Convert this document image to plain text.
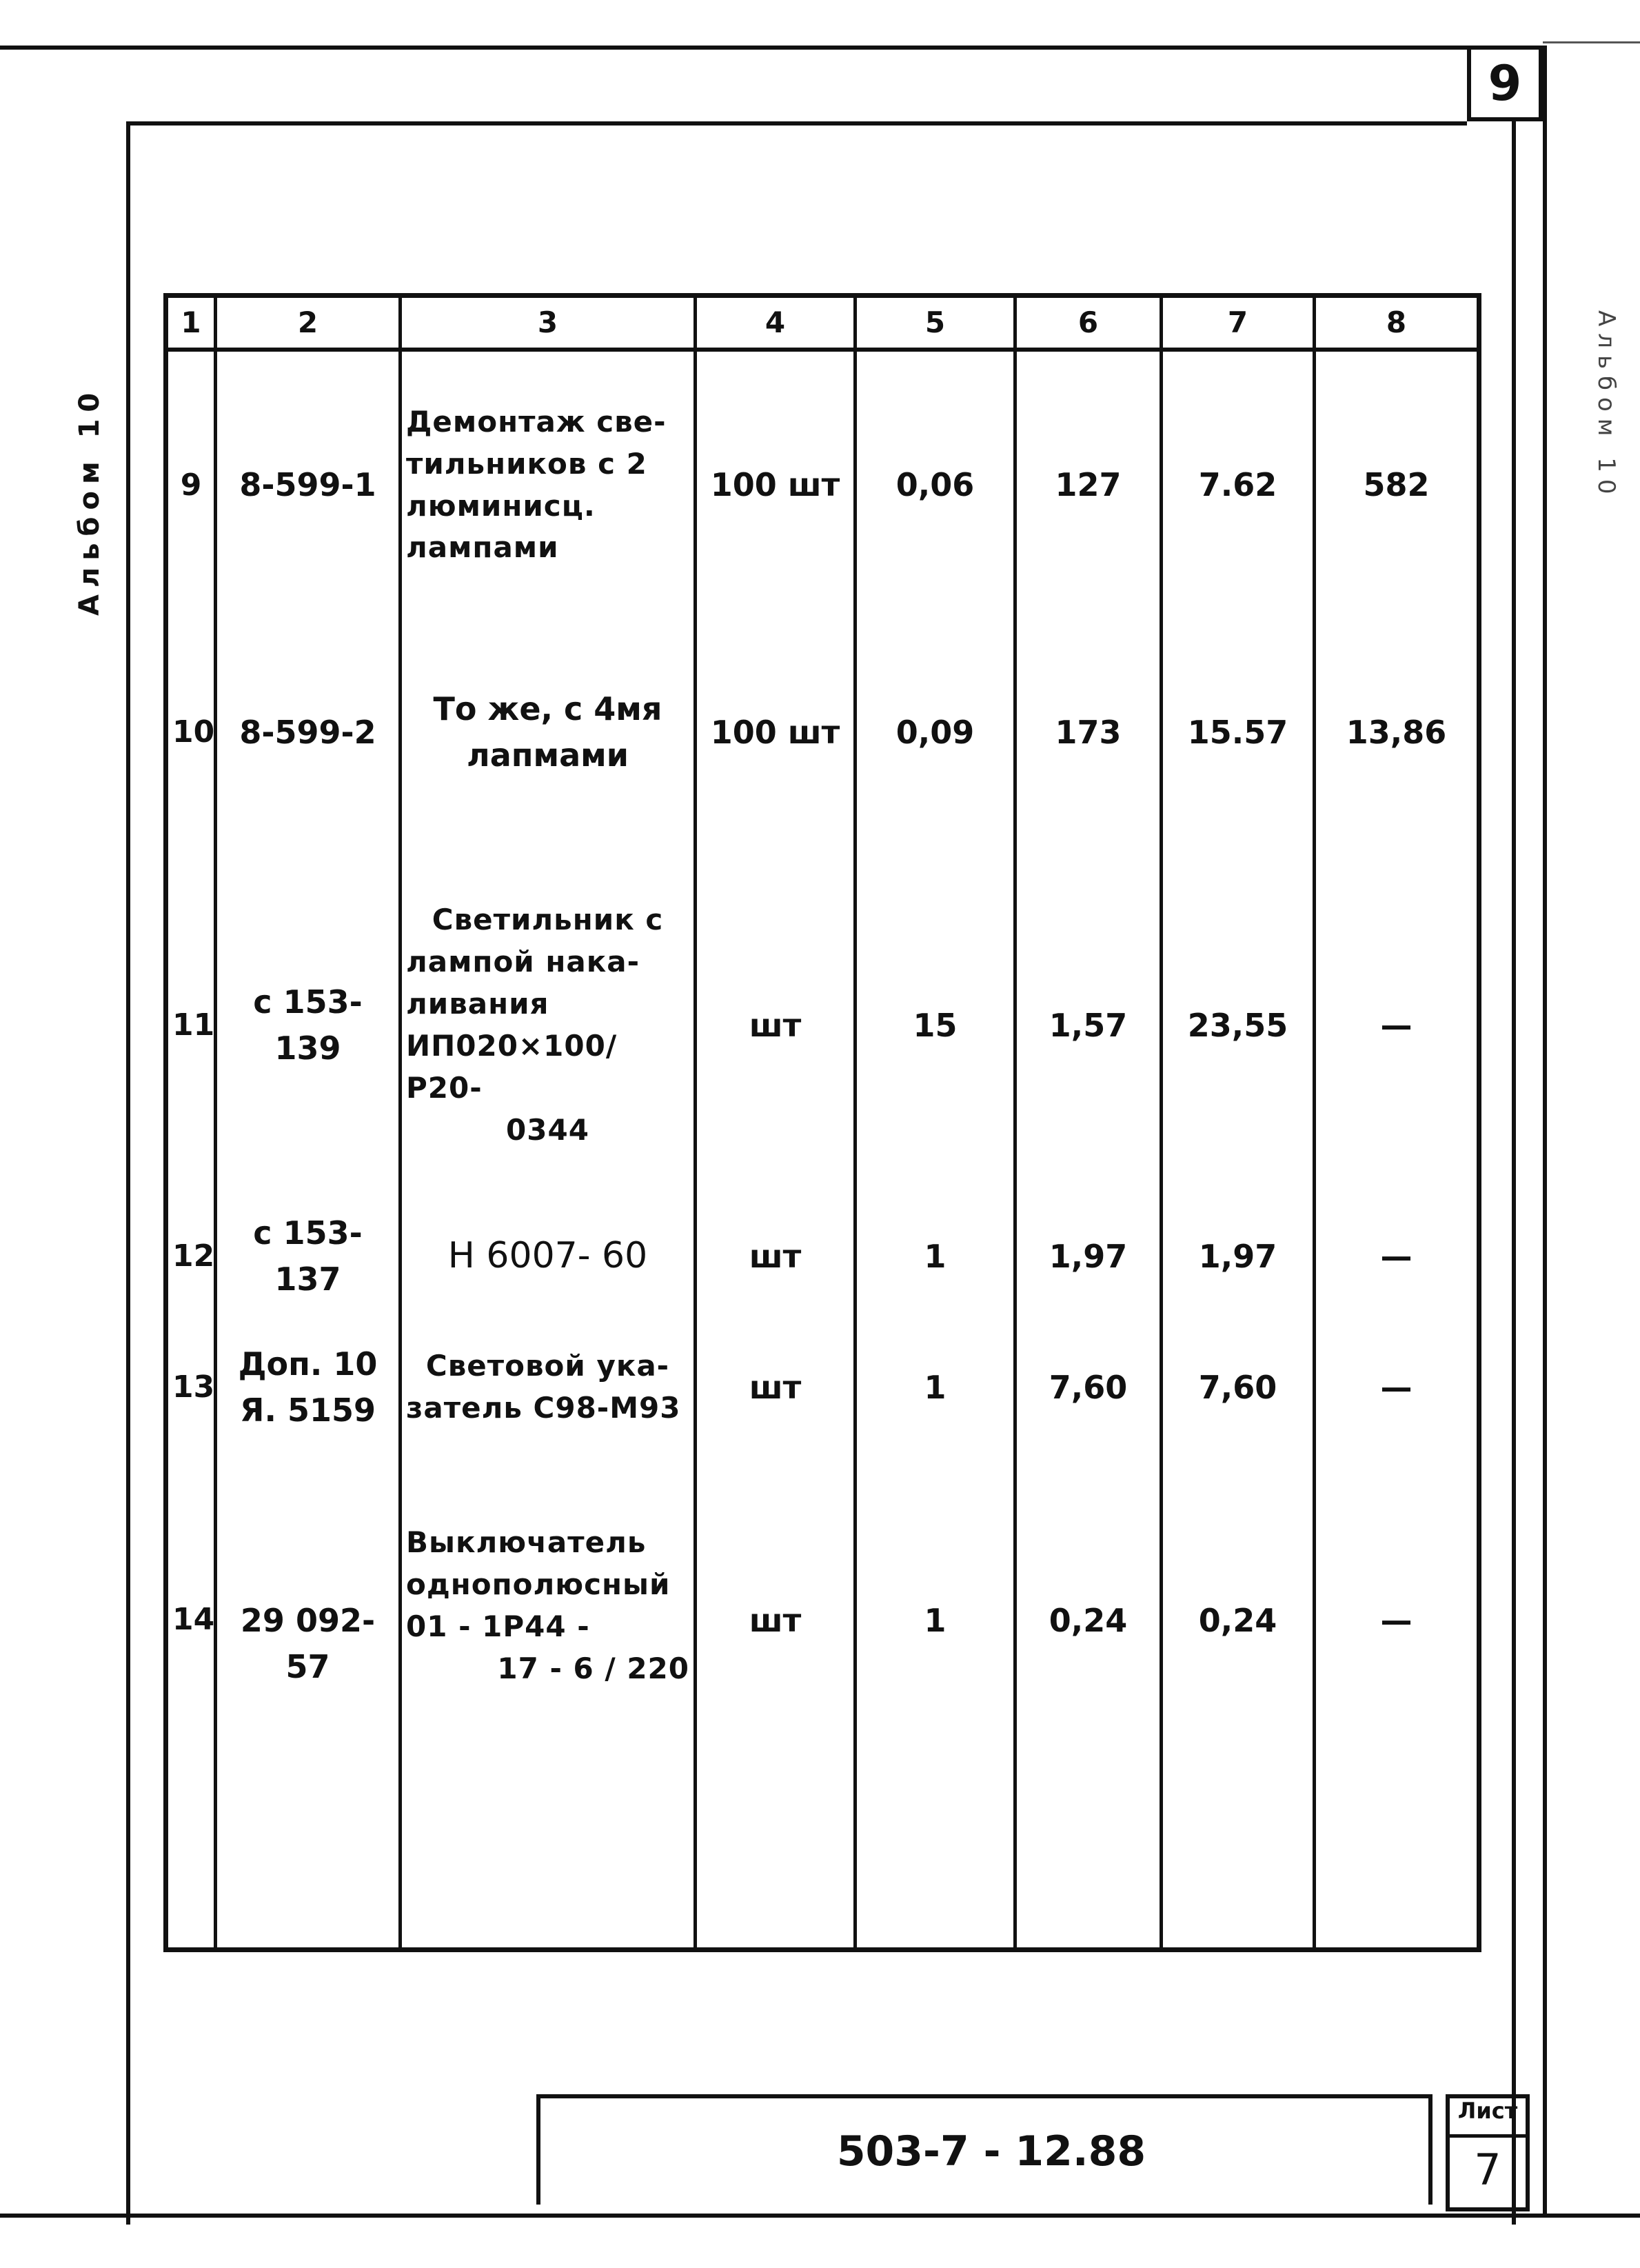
9
Альбом 10	Альбом 10
1	2	3	4	5	6	7	8
9	8-599-1	Демонтаж све-
тильников с 2
люминисц.
лампами	100 шт	0,06	127	7.62	582
10	8-599-2	То же, с 4мя
лапмами	100 шт	0,09	173	15.57	13,86
11	с 153-139	Светильник с
лампой нака-
ливания
ИП020×100/Р20-
0344	шт	15	1,57	23,55	—
12	с 153-137	Н 6007- 60	шт	1	1,97	1,97	—
13	Доп. 10 Я. 5159	Световой ука-
затель С98-М93	шт	1	7,60	7,60	—
14	29 092-57	Выключатель
однополюсный
01 - 1Р44 -
17 - 6 / 220	шт	1	0,24	0,24	—
503-7 - 12.88
Лист
7
